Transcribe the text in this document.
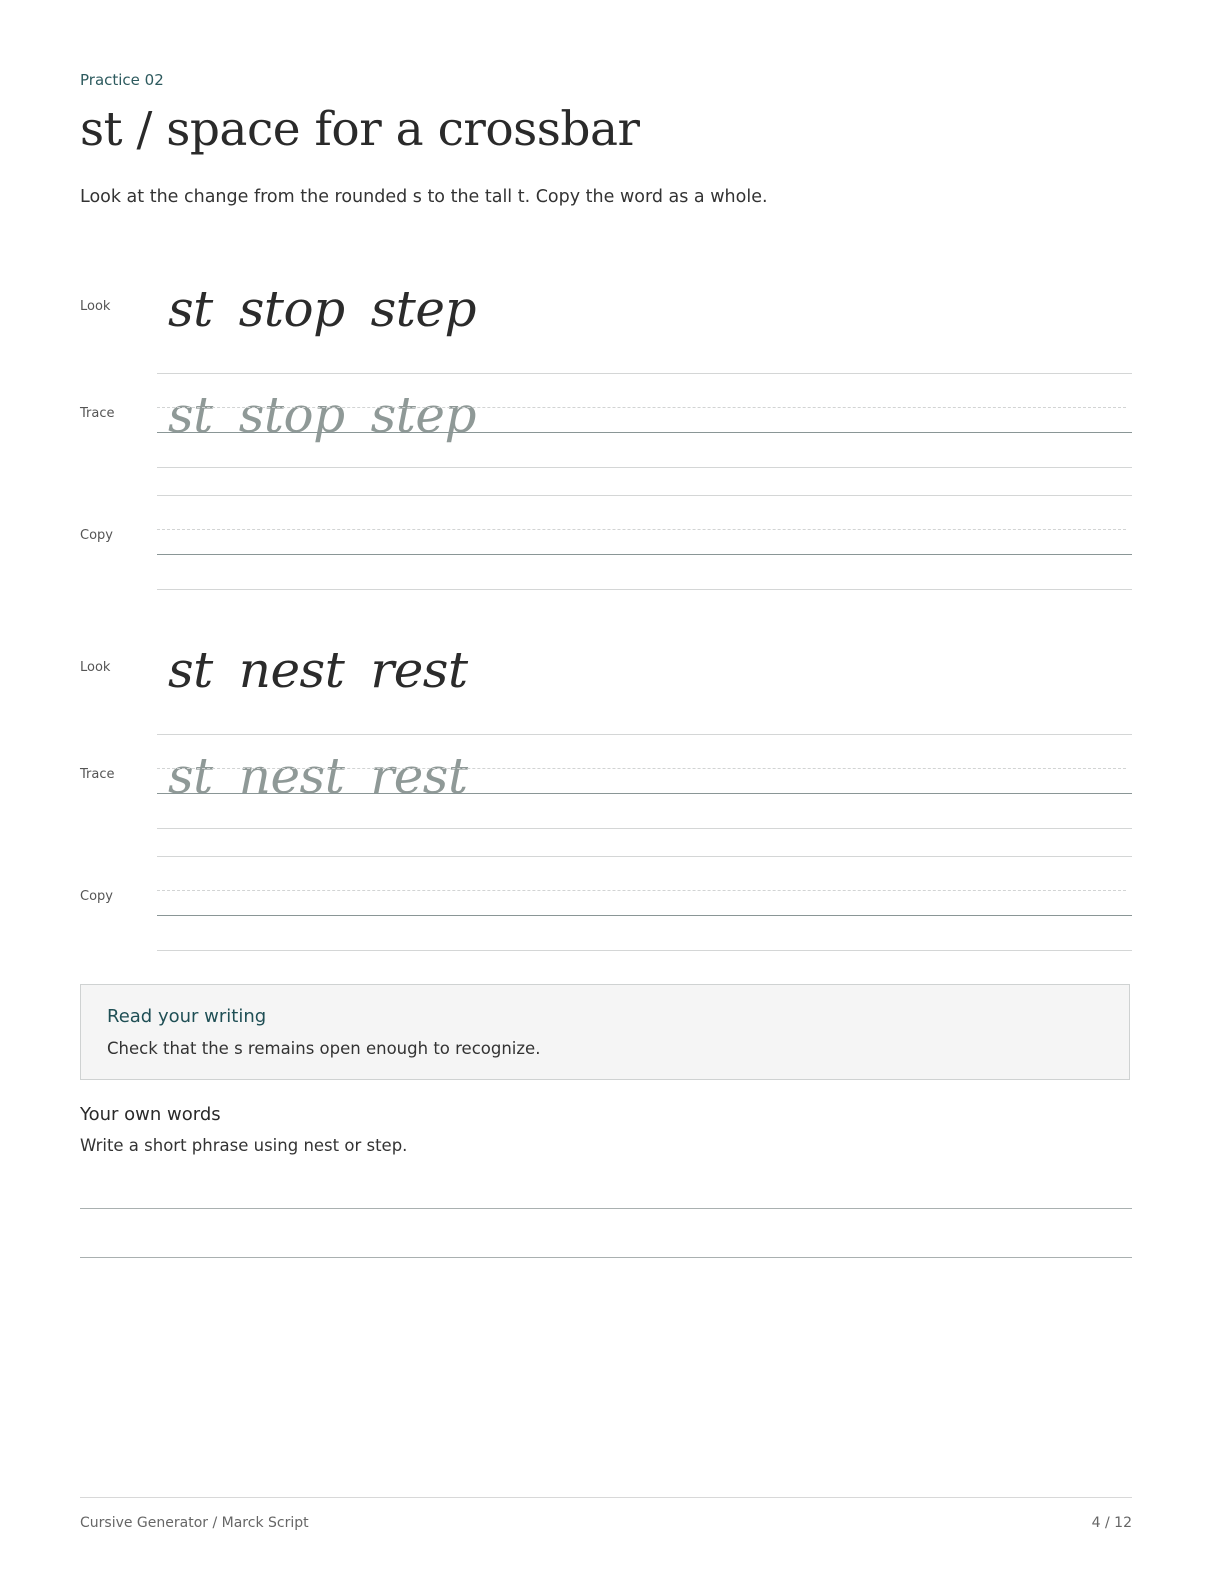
Practice 02
st / space for a crossbar
Look at the change from the rounded s to the tall t. Copy the word as a whole.
Look st stop step
Trace st stop step
Copy
Look st nest rest
Trace st nest rest
Copy
Read your writing
Check that the s remains open enough to recognize.
Your own words
Write a short phrase using nest or step.
Cursive Generator / Marck Script	4 / 12
